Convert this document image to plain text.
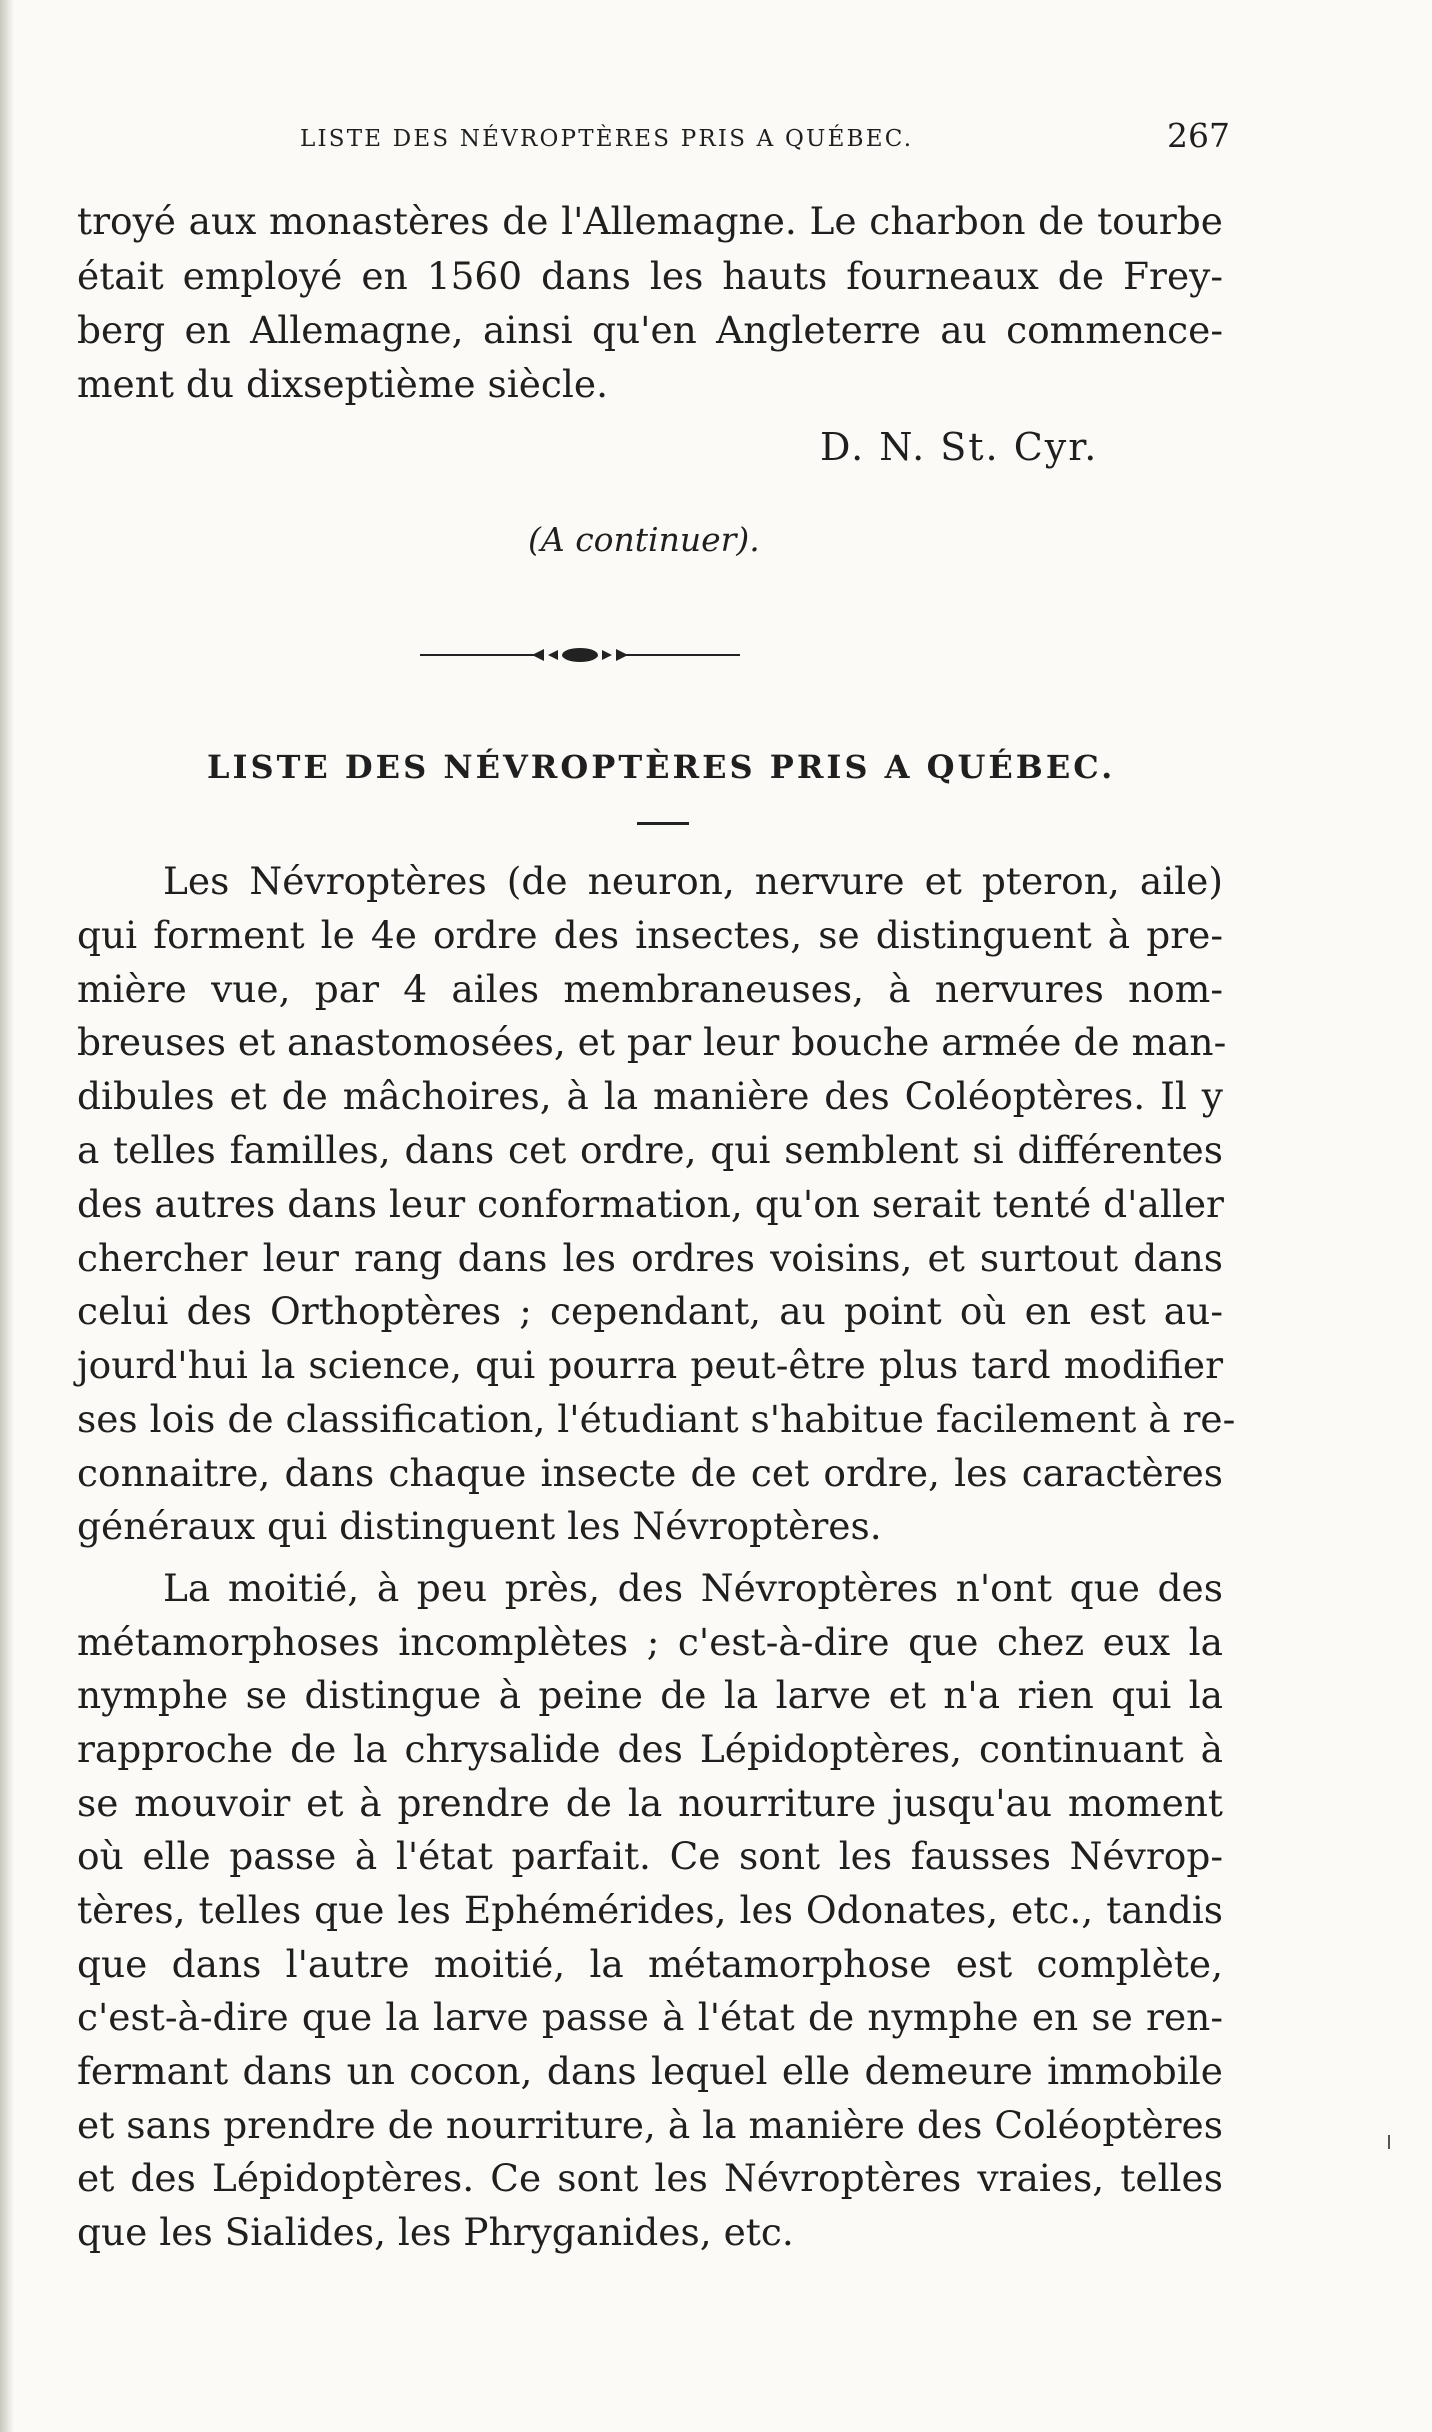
LISTE DES NÉVROPTÈRES PRIS A QUÉBEC.	267
troyé aux monastères de l'Allemagne. Le charbon de tourbe
était employé en 1560 dans les hauts fourneaux de Frey-
berg en Allemagne, ainsi qu'en Angleterre au commence-
ment du dixseptième siècle.
D. N. St. Cyr.
(A continuer).
LISTE DES NÉVROPTÈRES PRIS A QUÉBEC.
Les Névroptères (de neuron, nervure et pteron, aile)
qui forment le 4e ordre des insectes, se distinguent à pre-
mière vue, par 4 ailes membraneuses, à nervures nom-
breuses et anastomosées, et par leur bouche armée de man-
dibules et de mâchoires, à la manière des Coléoptères. Il y
a telles familles, dans cet ordre, qui semblent si différentes
des autres dans leur conformation, qu'on serait tenté d'aller
chercher leur rang dans les ordres voisins, et surtout dans
celui des Orthoptères ; cependant, au point où en est au-
jourd'hui la science, qui pourra peut-être plus tard modifier
ses lois de classification, l'étudiant s'habitue facilement à re-
connaitre, dans chaque insecte de cet ordre, les caractères
généraux qui distinguent les Névroptères.
La moitié, à peu près, des Névroptères n'ont que des
métamorphoses incomplètes ; c'est-à-dire que chez eux la
nymphe se distingue à peine de la larve et n'a rien qui la
rapproche de la chrysalide des Lépidoptères, continuant à
se mouvoir et à prendre de la nourriture jusqu'au moment
où elle passe à l'état parfait. Ce sont les fausses Névrop-
tères, telles que les Ephémérides, les Odonates, etc., tandis
que dans l'autre moitié, la métamorphose est complète,
c'est-à-dire que la larve passe à l'état de nymphe en se ren-
fermant dans un cocon, dans lequel elle demeure immobile
et sans prendre de nourriture, à la manière des Coléoptères
et des Lépidoptères. Ce sont les Névroptères vraies, telles
que les Sialides, les Phryganides, etc.
